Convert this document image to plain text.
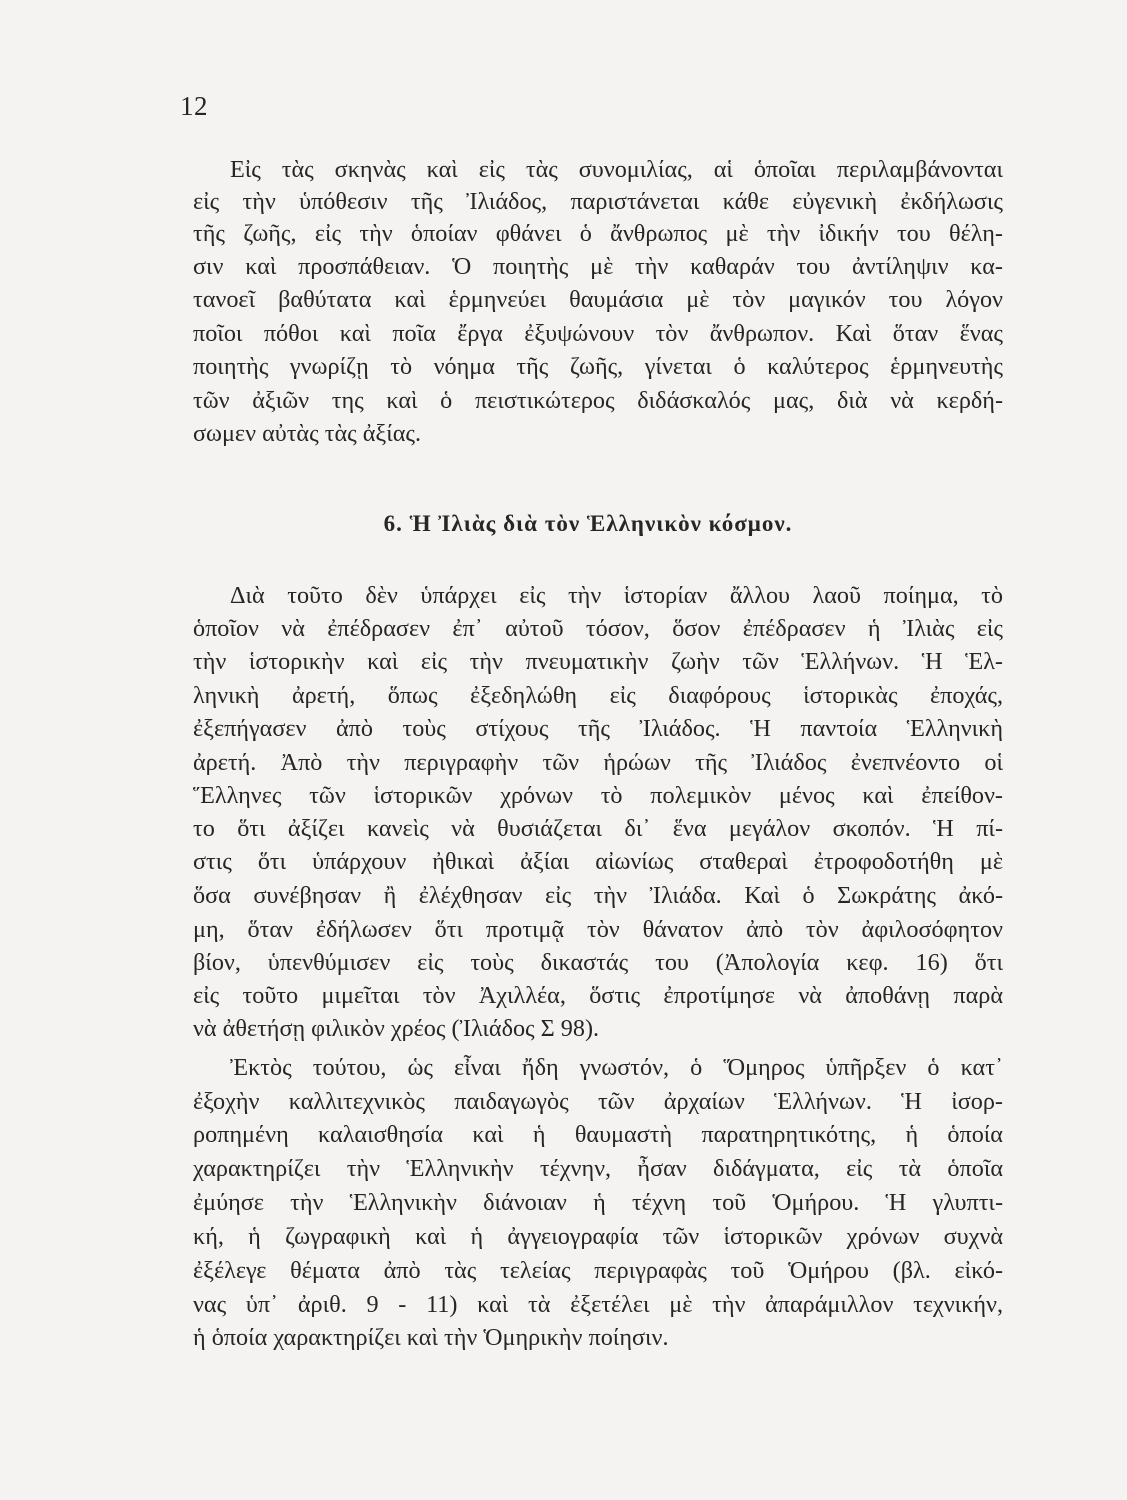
12
Εἰς τὰς σκηνὰς καὶ εἰς τὰς συνομιλίας, αἱ ὁποῖαι περιλαμβάνονται
εἰς τὴν ὑπόθεσιν τῆς Ἰλιάδος, παριστάνεται κάθε εὐγενικὴ ἐκδήλωσις
τῆς ζωῆς, εἰς τὴν ὁποίαν φθάνει ὁ ἄνθρωπος μὲ τὴν ἰδικήν του θέλη-
σιν καὶ προσπάθειαν. Ὁ ποιητὴς μὲ τὴν καθαράν του ἀντίληψιν κα-
τανοεῖ βαθύτατα καὶ ἑρμηνεύει θαυμάσια μὲ τὸν μαγικόν του λόγον
ποῖοι πόθοι καὶ ποῖα ἔργα ἐξυψώνουν τὸν ἄνθρωπον. Καὶ ὅταν ἕνας
ποιητὴς γνωρίζῃ τὸ νόημα τῆς ζωῆς, γίνεται ὁ καλύτερος ἑρμηνευτὴς
τῶν ἀξιῶν της καὶ ὁ πειστικώτερος διδάσκαλός μας, διὰ νὰ κερδή-
σωμεν αὐτὰς τὰς ἀξίας.
6. Ἡ Ἰλιὰς διὰ τὸν Ἑλληνικὸν κόσμον.
Διὰ τοῦτο δὲν ὑπάρχει εἰς τὴν ἱστορίαν ἄλλου λαοῦ ποίημα, τὸ
ὁποῖον νὰ ἐπέδρασεν ἐπ᾽ αὐτοῦ τόσον, ὅσον ἐπέδρασεν ἡ Ἰλιὰς εἰς
τὴν ἱστορικὴν καὶ εἰς τὴν πνευματικὴν ζωὴν τῶν Ἑλλήνων. Ἡ Ἑλ-
ληνικὴ ἀρετή, ὅπως ἐξεδηλώθη εἰς διαφόρους ἱστορικὰς ἐποχάς,
ἐξεπήγασεν ἀπὸ τοὺς στίχους τῆς Ἰλιάδος. Ἡ παντοία Ἑλληνικὴ
ἀρετή. Ἀπὸ τὴν περιγραφὴν τῶν ἡρώων τῆς Ἰλιάδος ἐνεπνέοντο οἱ
Ἕλληνες τῶν ἱστορικῶν χρόνων τὸ πολεμικὸν μένος καὶ ἐπείθον-
το ὅτι ἀξίζει κανεὶς νὰ θυσιάζεται δι᾽ ἕνα μεγάλον σκοπόν. Ἡ πί-
στις ὅτι ὑπάρχουν ἠθικαὶ ἀξίαι αἰωνίως σταθεραὶ ἐτροφοδοτήθη μὲ
ὅσα συνέβησαν ἢ ἐλέχθησαν εἰς τὴν Ἰλιάδα. Καὶ ὁ Σωκράτης ἀκό-
μη, ὅταν ἐδήλωσεν ὅτι προτιμᾷ τὸν θάνατον ἀπὸ τὸν ἀφιλοσόφητον
βίον, ὑπενθύμισεν εἰς τοὺς δικαστάς του (Ἀπολογία κεφ. 16) ὅτι
εἰς τοῦτο μιμεῖται τὸν Ἀχιλλέα, ὅστις ἐπροτίμησε νὰ ἀποθάνῃ παρὰ
νὰ ἀθετήσῃ φιλικὸν χρέος (Ἰλιάδος Σ 98).
Ἐκτὸς τούτου, ὡς εἶναι ἤδη γνωστόν, ὁ Ὅμηρος ὑπῆρξεν ὁ κατ᾽
ἐξοχὴν καλλιτεχνικὸς παιδαγωγὸς τῶν ἀρχαίων Ἑλλήνων. Ἡ ἰσορ-
ροπημένη καλαισθησία καὶ ἡ θαυμαστὴ παρατηρητικότης, ἡ ὁποία
χαρακτηρίζει τὴν Ἑλληνικὴν τέχνην, ἦσαν διδάγματα, εἰς τὰ ὁποῖα
ἐμύησε τὴν Ἑλληνικὴν διάνοιαν ἡ τέχνη τοῦ Ὁμήρου. Ἡ γλυπτι-
κή, ἡ ζωγραφικὴ καὶ ἡ ἀγγειογραφία τῶν ἱστορικῶν χρόνων συχνὰ
ἐξέλεγε θέματα ἀπὸ τὰς τελείας περιγραφὰς τοῦ Ὁμήρου (βλ. εἰκό-
νας ὑπ᾽ ἀριθ. 9 - 11) καὶ τὰ ἐξετέλει μὲ τὴν ἀπαράμιλλον τεχνικήν,
ἡ ὁποία χαρακτηρίζει καὶ τὴν Ὁμηρικὴν ποίησιν.
